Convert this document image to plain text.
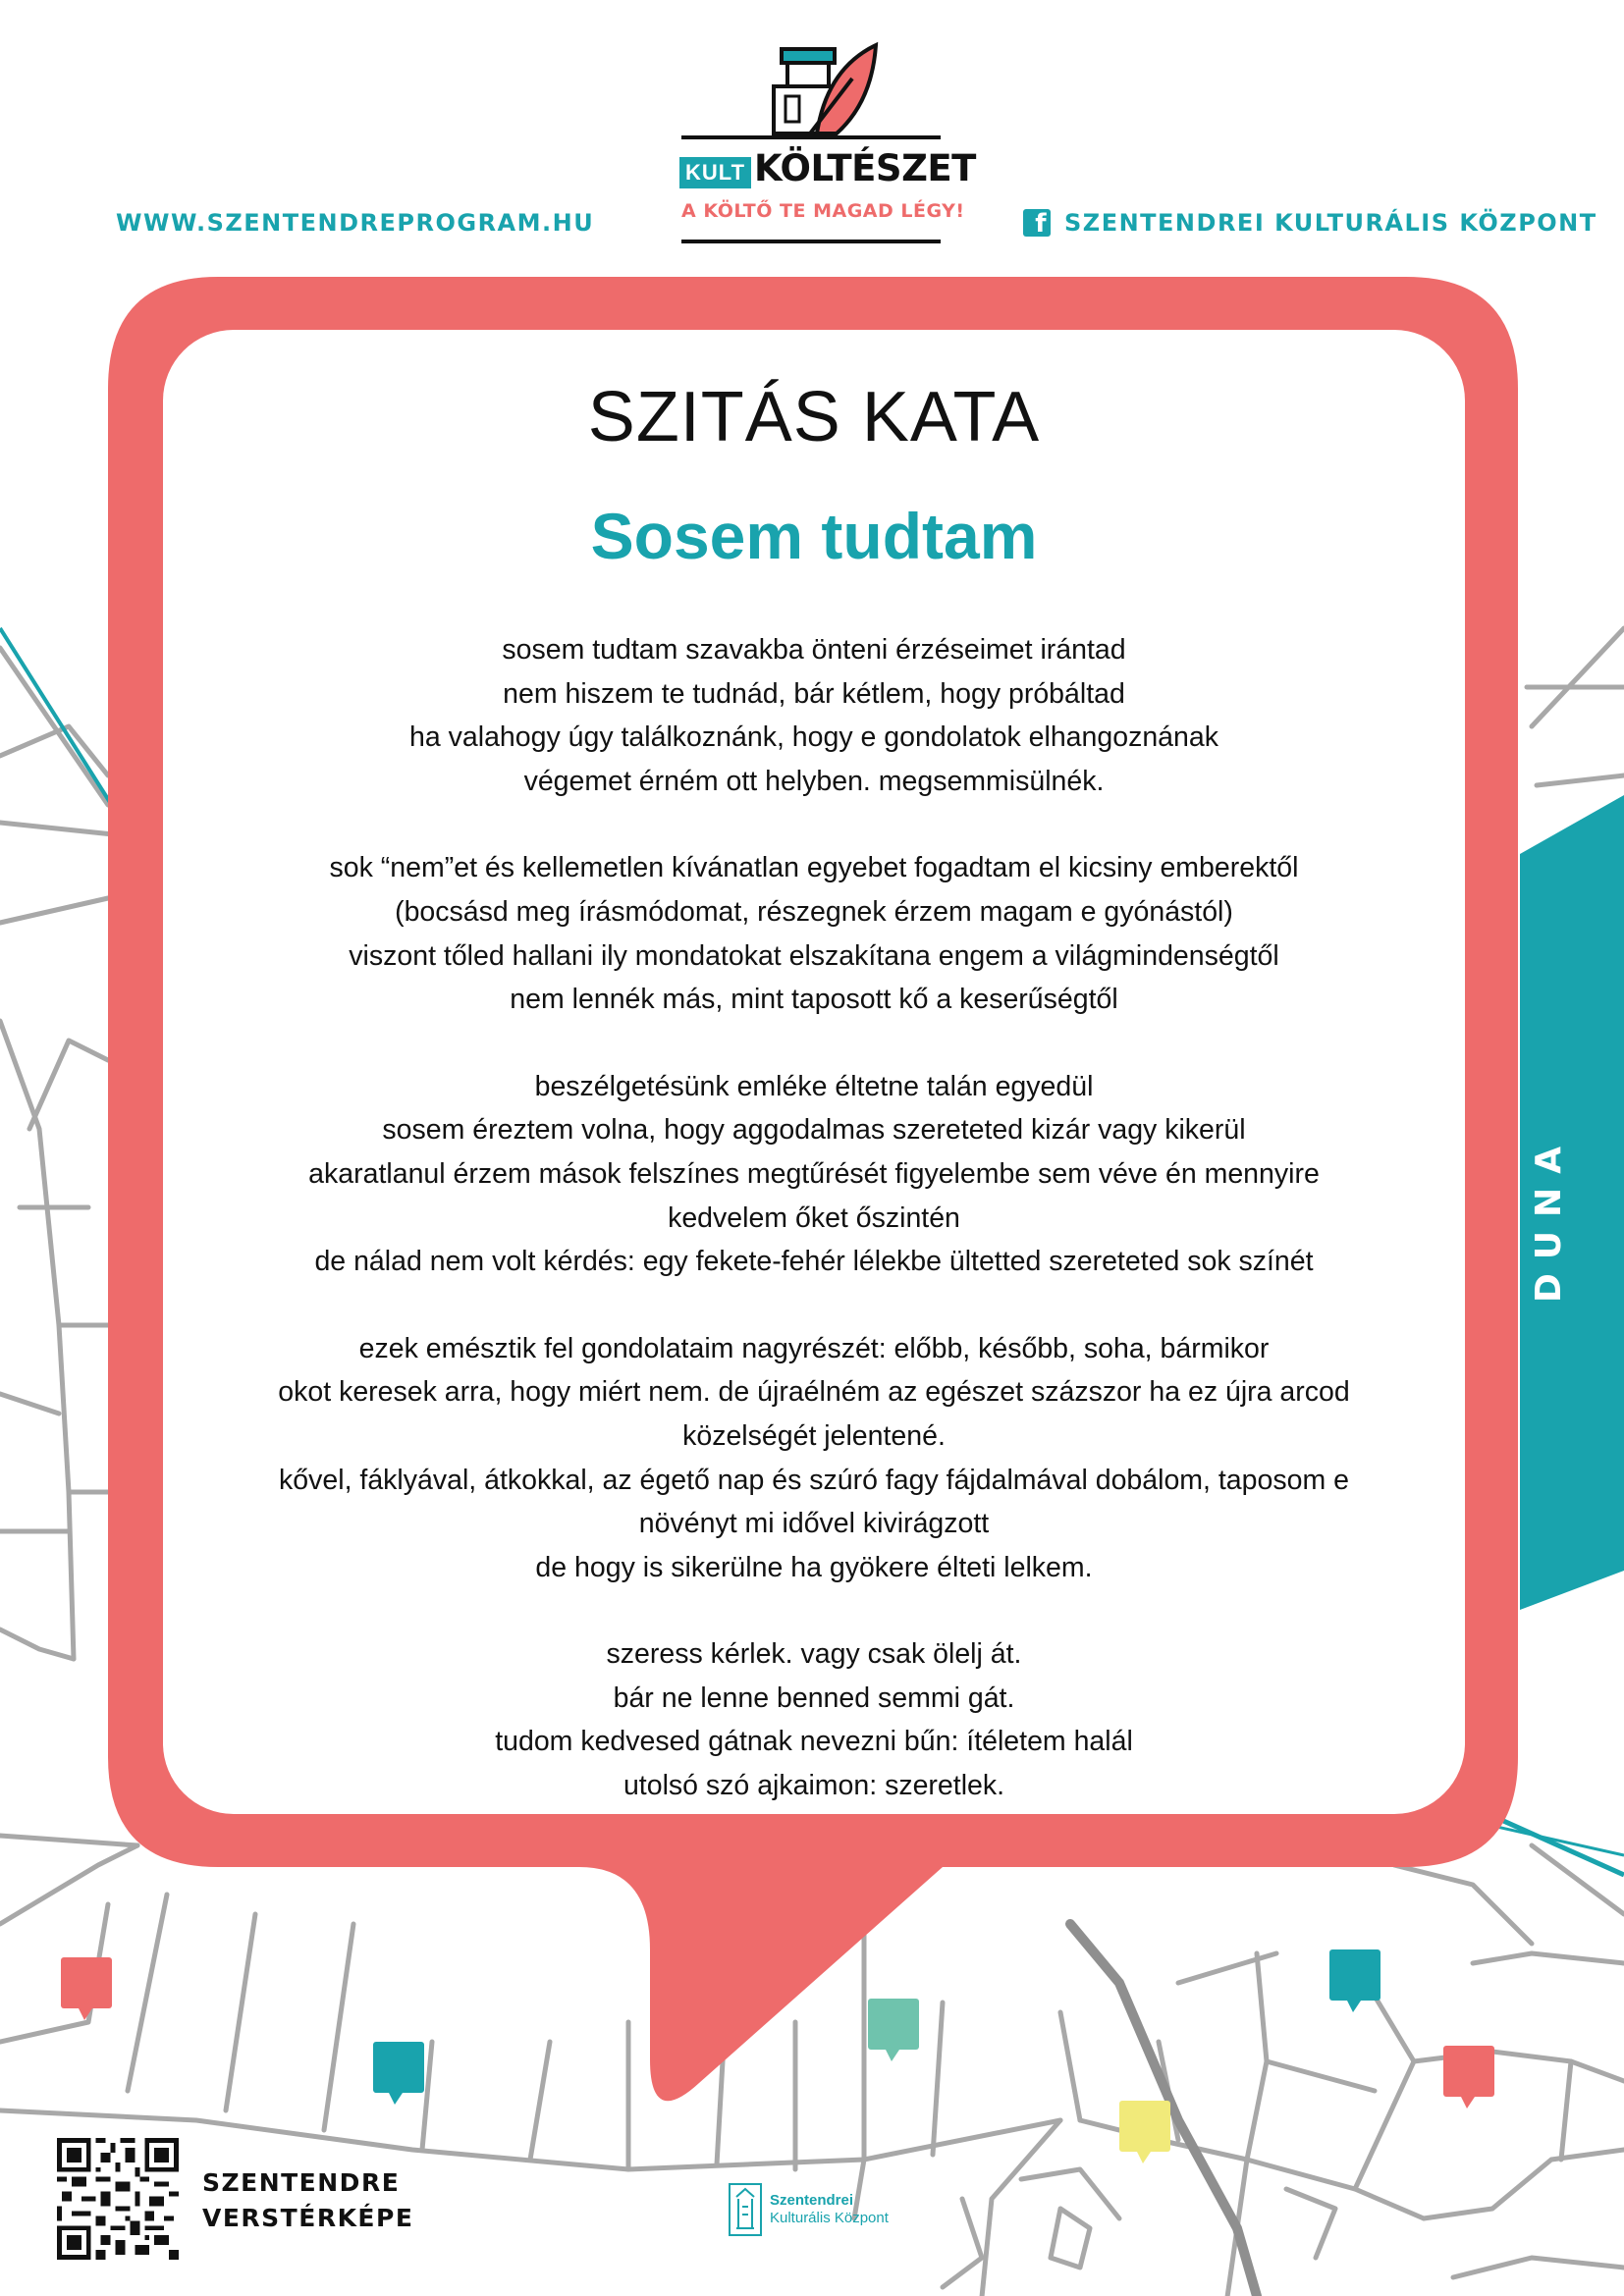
WWW.SZENTENDREPROGRAM.HU	f SZENTENDREI KULTURÁLIS KÖZPONT
KULT KÖLTÉSZET
A KÖLTŐ TE MAGAD LÉGY!
SZITÁS KATA
Sosem tudtam
sosem tudtam szavakba önteni érzéseimet irántad
nem hiszem te tudnád, bár kétlem, hogy próbáltad
ha valahogy úgy találkoznánk, hogy e gondolatok elhangoznának
végemet érném ott helyben. megsemmisülnék.
sok “nem”et és kellemetlen kívánatlan egyebet fogadtam el kicsiny emberektől
(bocsásd meg írásmódomat, részegnek érzem magam e gyónástól)
viszont tőled hallani ily mondatokat elszakítana engem a világmindenségtől
nem lennék más, mint taposott kő a keserűségtől
beszélgetésünk emléke éltetne talán egyedül
sosem éreztem volna, hogy aggodalmas szereteted kizár vagy kikerül
akaratlanul érzem mások felszínes megtűrését figyelembe sem véve én mennyire
kedvelem őket őszintén
de nálad nem volt kérdés: egy fekete-fehér lélekbe ültetted szereteted sok színét
ezek emésztik fel gondolataim nagyrészét: előbb, később, soha, bármikor
okot keresek arra, hogy miért nem. de újraélném az egészet százszor ha ez újra arcod
közelségét jelentené.
kővel, fáklyával, átkokkal, az égető nap és szúró fagy fájdalmával dobálom, taposom e
növényt mi idővel kivirágzott
de hogy is sikerülne ha gyökere élteti lelkem.
szeress kérlek. vagy csak ölelj át.
bár ne lenne benned semmi gát.
tudom kedvesed gátnak nevezni bűn: ítéletem halál
utolsó szó ajkaimon: szeretlek.
DUNA
SZENTENDRE
VERSTÉRKÉPE
Szentendrei
Kulturális Központ
